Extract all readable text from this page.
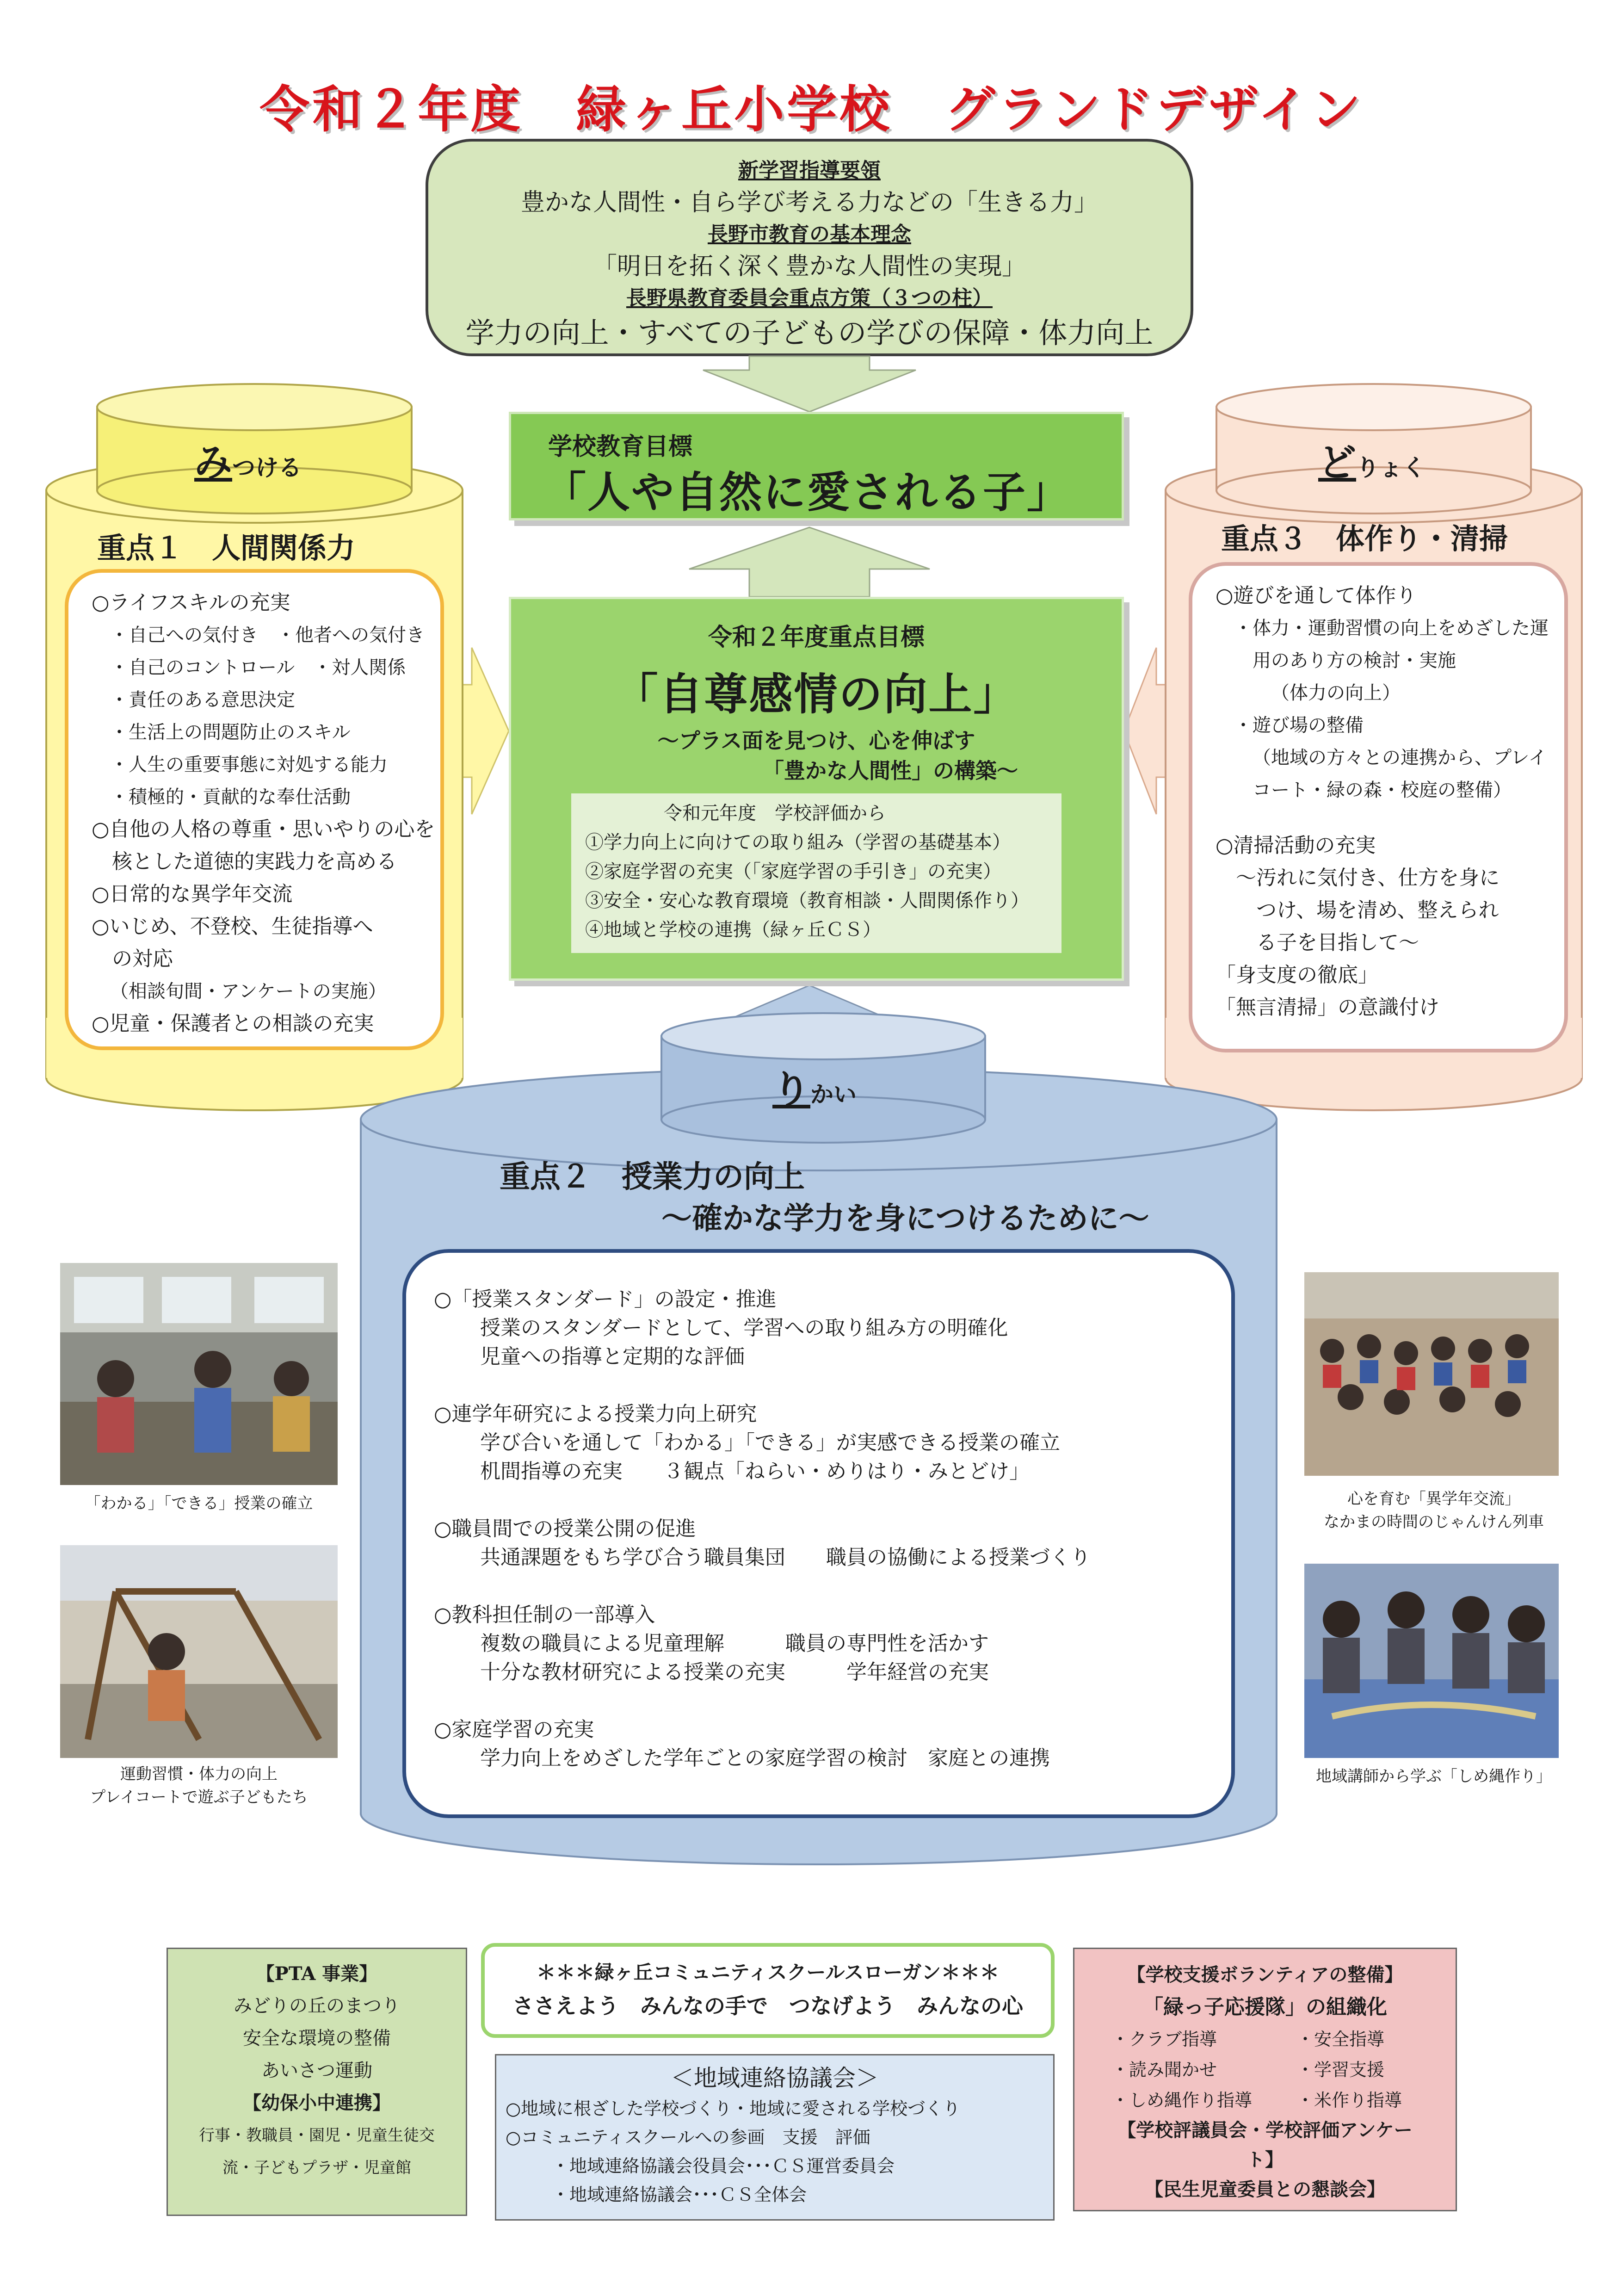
令和２年度　緑ヶ丘小学校　グランドデザイン
新学習指導要領
豊かな人間性・自ら学び考える力などの「生きる力」
長野市教育の基本理念
「明日を拓く深く豊かな人間性の実現」
長野県教育委員会重点方策（３つの柱）
学力の向上・すべての子どもの学びの保障・体力向上
学校教育目標
「人や自然に愛される子」
令和２年度重点目標
「自尊感情の向上」
～プラス面を見つけ、心を伸ばす
「豊かな人間性」の構築～
令和元年度　学校評価から
①学力向上に向けての取り組み（学習の基礎基本）
②家庭学習の充実（「家庭学習の手引き」の充実）
③安全・安心な教育環境（教育相談・人間関係作り）
④地域と学校の連携（緑ヶ丘ＣＳ）
みつける
重点１　人間関係力
○ライフスキルの充実
・自己への気付き　・他者への気付き
・自己のコントロール　・対人関係
・責任のある意思決定
・生活上の問題防止のスキル
・人生の重要事態に対処する能力
・積極的・貢献的な奉仕活動
○自他の人格の尊重・思いやりの心を
核とした道徳的実践力を高める
○日常的な異学年交流
○いじめ、不登校、生徒指導へ
の対応
（相談旬間・アンケートの実施）
○児童・保護者との相談の充実
どりょく
重点３　体作り・清掃
○遊びを通して体作り
・体力・運動習慣の向上をめざした運
用のあり方の検討・実施
（体力の向上）
・遊び場の整備
（地域の方々との連携から、プレイ
コート・緑の森・校庭の整備）
○清掃活動の充実
～汚れに気付き、仕方を身に
つけ、場を清め、整えられ
る子を目指して～
「身支度の徹底」
「無言清掃」の意識付け
りかい
重点２　授業力の向上
～確かな学力を身につけるために～
○「授業スタンダード」の設定・推進
授業のスタンダードとして、学習への取り組み方の明確化
児童への指導と定期的な評価
○連学年研究による授業力向上研究
学び合いを通して「わかる」「できる」が実感できる授業の確立
机間指導の充実　　３観点「ねらい・めりはり・みとどけ」
○職員間での授業公開の促進
共通課題をもち学び合う職員集団　　職員の協働による授業づくり
○教科担任制の一部導入
複数の職員による児童理解　　　職員の専門性を活かす
十分な教材研究による授業の充実　　　学年経営の充実
○家庭学習の充実
学力向上をめざした学年ごとの家庭学習の検討　家庭との連携
「わかる」「できる」授業の確立
運動習慣・体力の向上
プレイコートで遊ぶ子どもたち
心を育む「異学年交流」
なかまの時間のじゃんけん列車
地域講師から学ぶ「しめ縄作り」
【PTA 事業】
みどりの丘のまつり
安全な環境の整備
あいさつ運動
【幼保小中連携】
行事・教職員・園児・児童生徒交
流・子どもプラザ・児童館
＊＊＊緑ヶ丘コミュニティスクールスローガン＊＊＊
ささえよう　みんなの手で　つなげよう　みんなの心
＜地域連絡協議会＞
○地域に根ざした学校づくり・地域に愛される学校づくり
○コミュニティスクールへの参画　支援　評価
・地域連絡協議会役員会･･･ＣＳ運営委員会
・地域連絡協議会･･･ＣＳ全体会
【学校支援ボランティアの整備】
「緑っ子応援隊」の組織化
・クラブ指導	・安全指導
・読み聞かせ	・学習支援
・しめ縄作り指導	・米作り指導
【学校評議員会・学校評価アンケー
ト】
【民生児童委員との懇談会】
